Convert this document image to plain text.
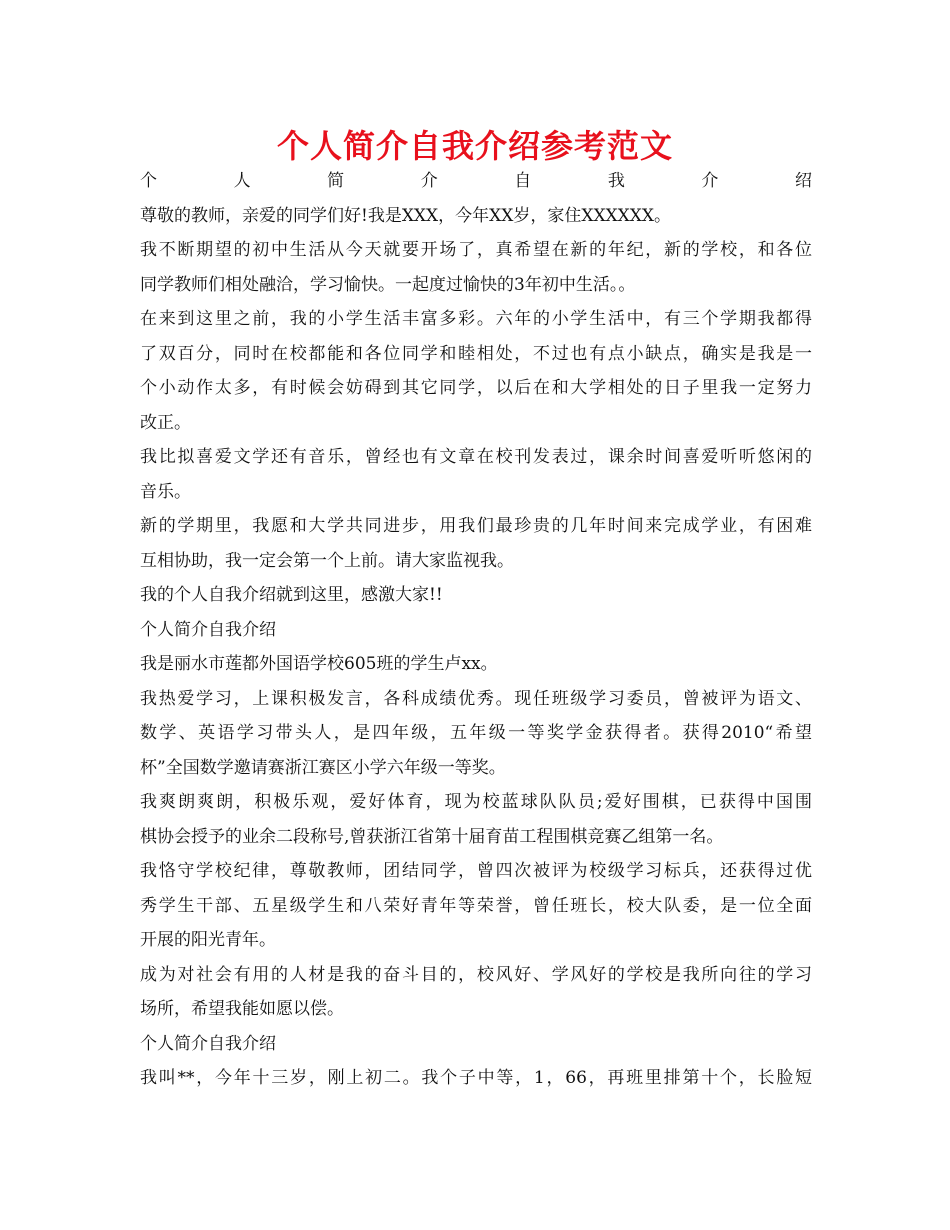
个人简介自我介绍参考范文
个人简介自我介绍
尊敬的教师，亲爱的同学们好!我是XXX，今年XX岁，家住XXXXXX。
我不断期望的初中生活从今天就要开场了，真希望在新的年纪，新的学校，和各位
同学教师们相处融洽，学习愉快。一起度过愉快的3年初中生活。。
在来到这里之前，我的小学生活丰富多彩。六年的小学生活中，有三个学期我都得
了双百分，同时在校都能和各位同学和睦相处，不过也有点小缺点，确实是我是一
个小动作太多，有时候会妨碍到其它同学，以后在和大学相处的日子里我一定努力
改正。
我比拟喜爱文学还有音乐，曾经也有文章在校刊发表过，课余时间喜爱听听悠闲的
音乐。
新的学期里，我愿和大学共同进步，用我们最珍贵的几年时间来完成学业，有困难
互相协助，我一定会第一个上前。请大家监视我。
我的个人自我介绍就到这里，感激大家!!
个人简介自我介绍
我是丽水市莲都外国语学校605班的学生卢xx。
我热爱学习，上课积极发言，各科成绩优秀。现任班级学习委员，曾被评为语文、
数学、英语学习带头人，是四年级，五年级一等奖学金获得者。获得2010“希望
杯”全国数学邀请赛浙江赛区小学六年级一等奖。
我爽朗爽朗，积极乐观，爱好体育，现为校蓝球队队员;爱好围棋，已获得中国围
棋协会授予的业余二段称号,曾获浙江省第十届育苗工程围棋竞赛乙组第一名。
我恪守学校纪律，尊敬教师，团结同学，曾四次被评为校级学习标兵，还获得过优
秀学生干部、五星级学生和八荣好青年等荣誉，曾任班长，校大队委，是一位全面
开展的阳光青年。
成为对社会有用的人材是我的奋斗目的，校风好、学风好的学校是我所向往的学习
场所，希望我能如愿以偿。
个人简介自我介绍
我叫**，今年十三岁，刚上初二。我个子中等，1，66，再班里排第十个，长脸短
